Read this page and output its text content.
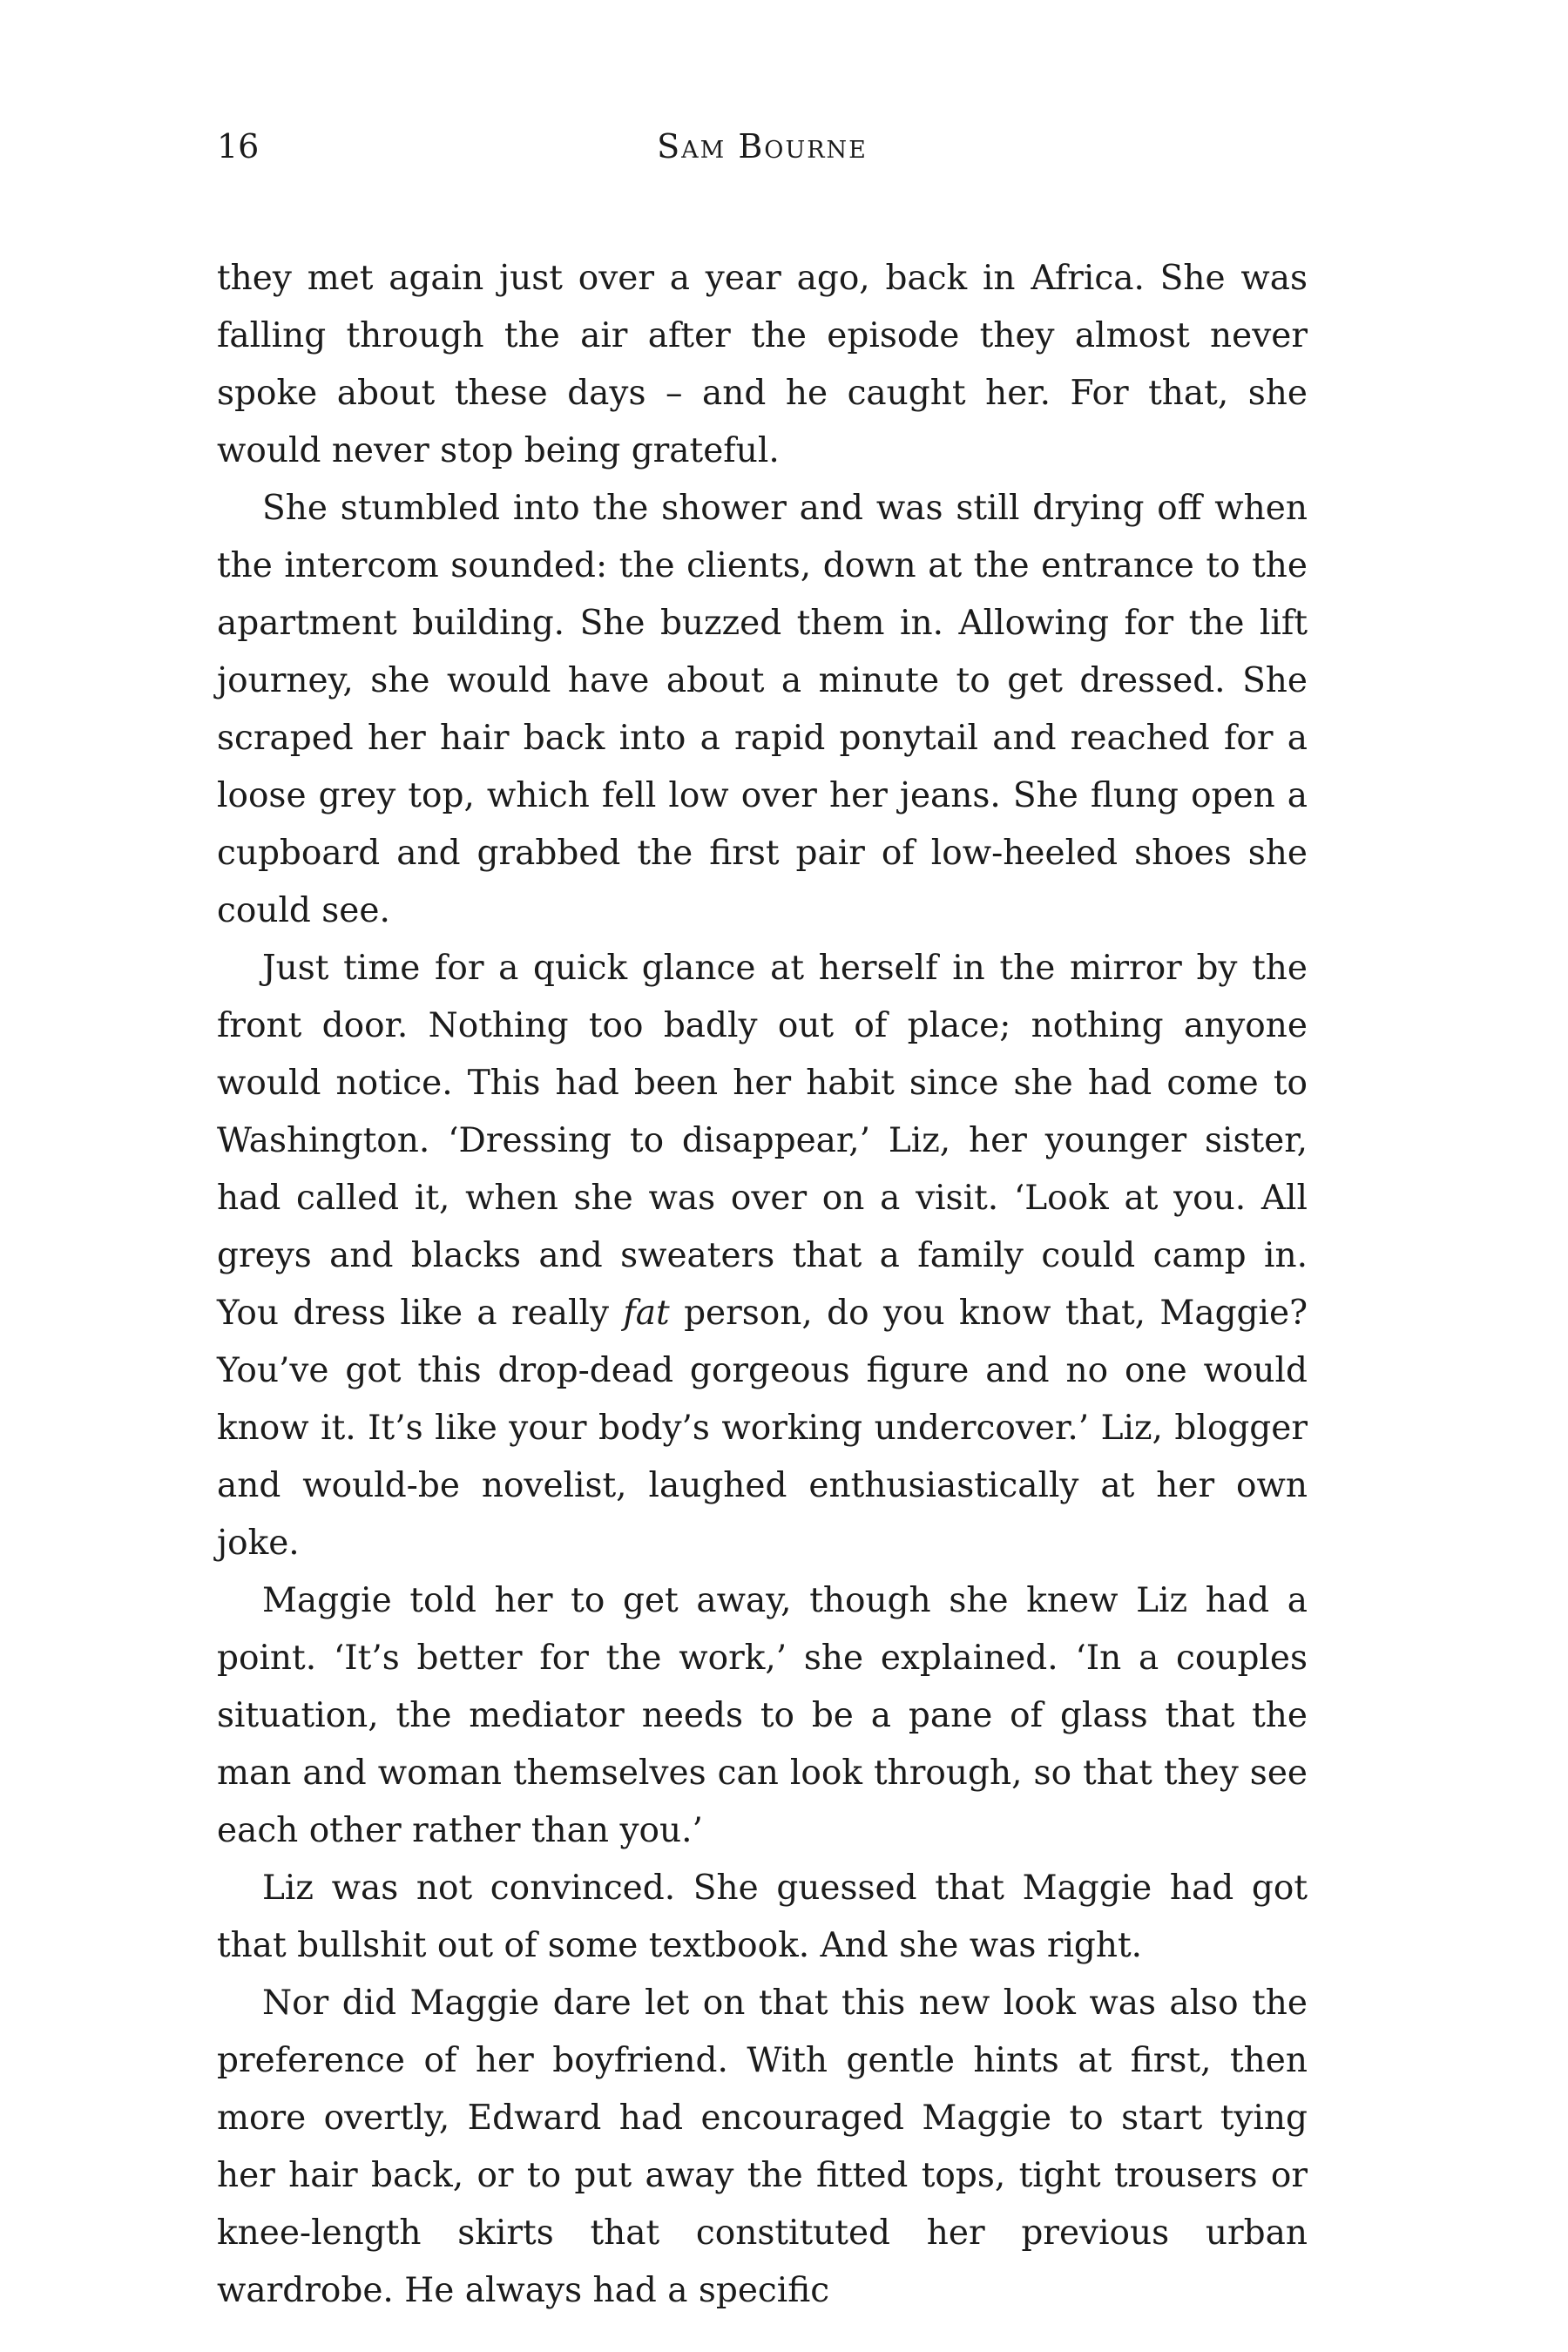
16	Sam Bourne

they met again just over a year ago, back in Africa. She was falling through the air after the episode they almost never spoke about these days – and he caught her. For that, she would never stop being grateful.

She stumbled into the shower and was still drying off when the intercom sounded: the clients, down at the entrance to the apartment building. She buzzed them in. Allowing for the lift journey, she would have about a minute to get dressed. She scraped her hair back into a rapid ponytail and reached for a loose grey top, which fell low over her jeans. She flung open a cupboard and grabbed the first pair of low-heeled shoes she could see.

Just time for a quick glance at herself in the mirror by the front door. Nothing too badly out of place; nothing anyone would notice. This had been her habit since she had come to Washington. ‘Dressing to disappear,’ Liz, her younger sister, had called it, when she was over on a visit. ‘Look at you. All greys and blacks and sweaters that a family could camp in. You dress like a really fat person, do you know that, Maggie? You’ve got this drop-dead gorgeous figure and no one would know it. It’s like your body’s working undercover.’ Liz, blogger and would-be novelist, laughed enthusiastically at her own joke.

Maggie told her to get away, though she knew Liz had a point. ‘It’s better for the work,’ she explained. ‘In a couples situation, the mediator needs to be a pane of glass that the man and woman themselves can look through, so that they see each other rather than you.’

Liz was not convinced. She guessed that Maggie had got that bullshit out of some textbook. And she was right.

Nor did Maggie dare let on that this new look was also the preference of her boyfriend. With gentle hints at first, then more overtly, Edward had encouraged Maggie to start tying her hair back, or to put away the fitted tops, tight trousers or knee-length skirts that constituted her previous urban wardrobe. He always had a specific
